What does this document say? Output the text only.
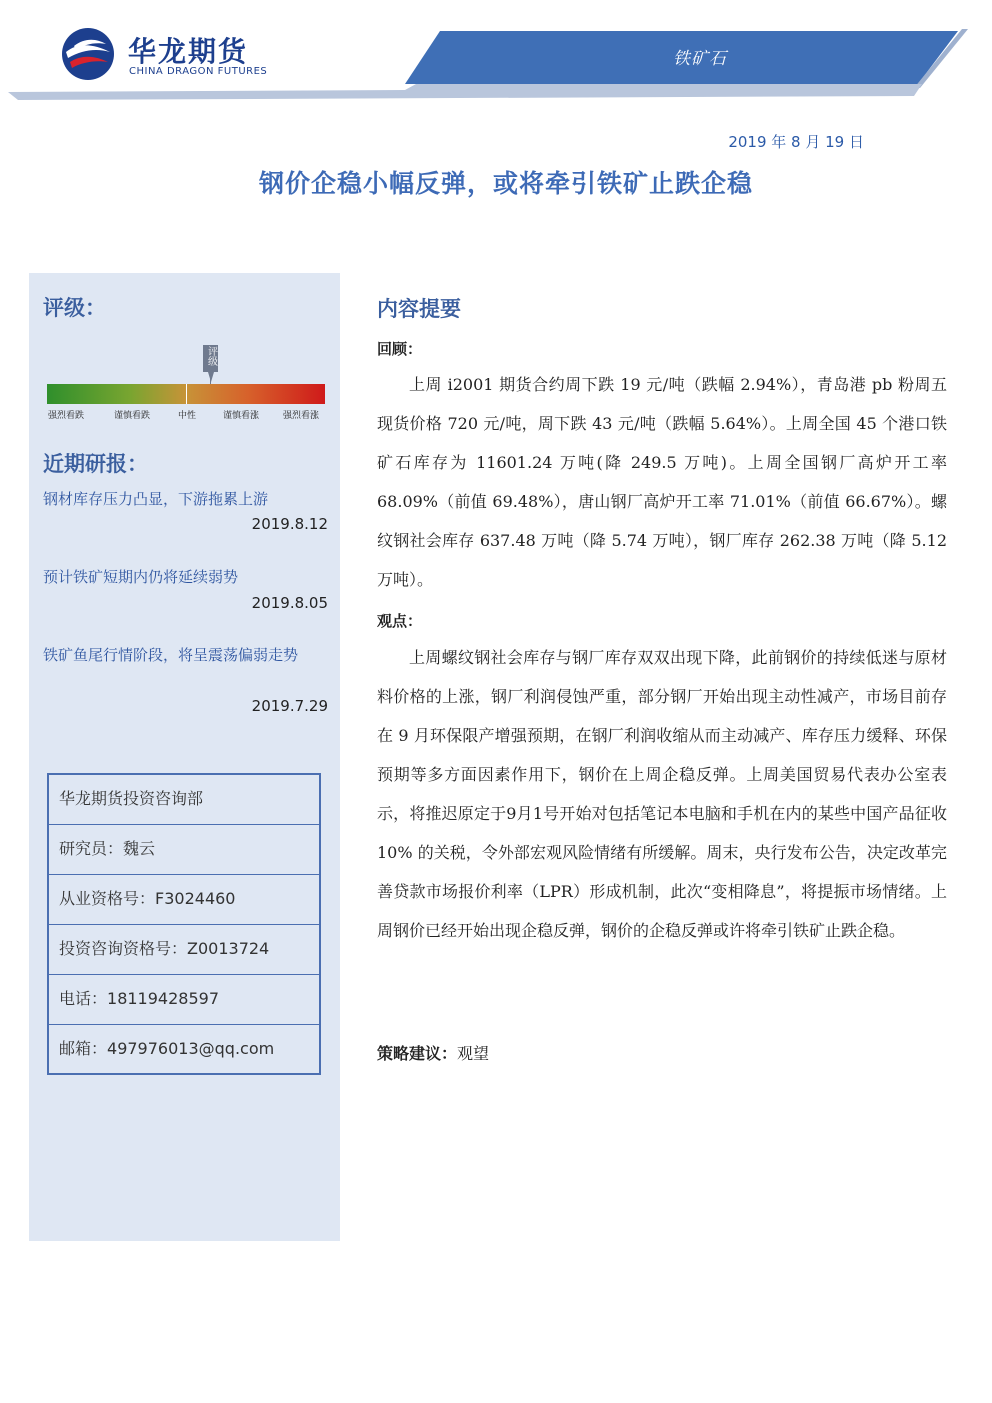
华龙期货
CHINA DRAGON FUTURES
铁矿石
2019 年 8 月 19 日
钢价企稳小幅反弹，或将牵引铁矿止跌企稳
评级：
评级
强烈看跌	谨慎看跌	中性	谨慎看涨	强烈看涨
近期研报：
钢材库存压力凸显，下游拖累上游
2019.8.12
预计铁矿短期内仍将延续弱势
2019.8.05
铁矿鱼尾行情阶段，将呈震荡偏弱走势
2019.7.29
华龙期货投资咨询部
研究员：魏云
从业资格号：F3024460
投资咨询资格号：Z0013724
电话：18119428597
邮箱：497976013@qq.com
内容提要
回顾：

上周 i2001 期货合约周下跌 19 元/吨（跌幅 2.94%），青岛港 pb 粉周五现货价格 720 元/吨，周下跌 43 元/吨（跌幅 5.64%）。上周全国 45 个港口铁矿石库存为 11601.24 万吨(降 249.5 万吨)。上周全国钢厂高炉开工率 68.09%（前值 69.48%），唐山钢厂高炉开工率 71.01%（前值 66.67%）。螺纹钢社会库存 637.48 万吨（降 5.74 万吨），钢厂库存 262.38 万吨（降 5.12 万吨）。

观点：

上周螺纹钢社会库存与钢厂库存双双出现下降，此前钢价的持续低迷与原材料价格的上涨，钢厂利润侵蚀严重，部分钢厂开始出现主动性减产，市场目前存在 9 月环保限产增强预期，在钢厂利润收缩从而主动减产、库存压力缓释、环保预期等多方面因素作用下，钢价在上周企稳反弹。上周美国贸易代表办公室表示，将推迟原定于9月1号开始对包括笔记本电脑和手机在内的某些中国产品征收10% 的关税，令外部宏观风险情绪有所缓解。周末，央行发布公告，决定改革完善贷款市场报价利率（LPR）形成机制，此次“变相降息”，将提振市场情绪。上周钢价已经开始出现企稳反弹，钢价的企稳反弹或许将牵引铁矿止跌企稳。

策略建议：观望
